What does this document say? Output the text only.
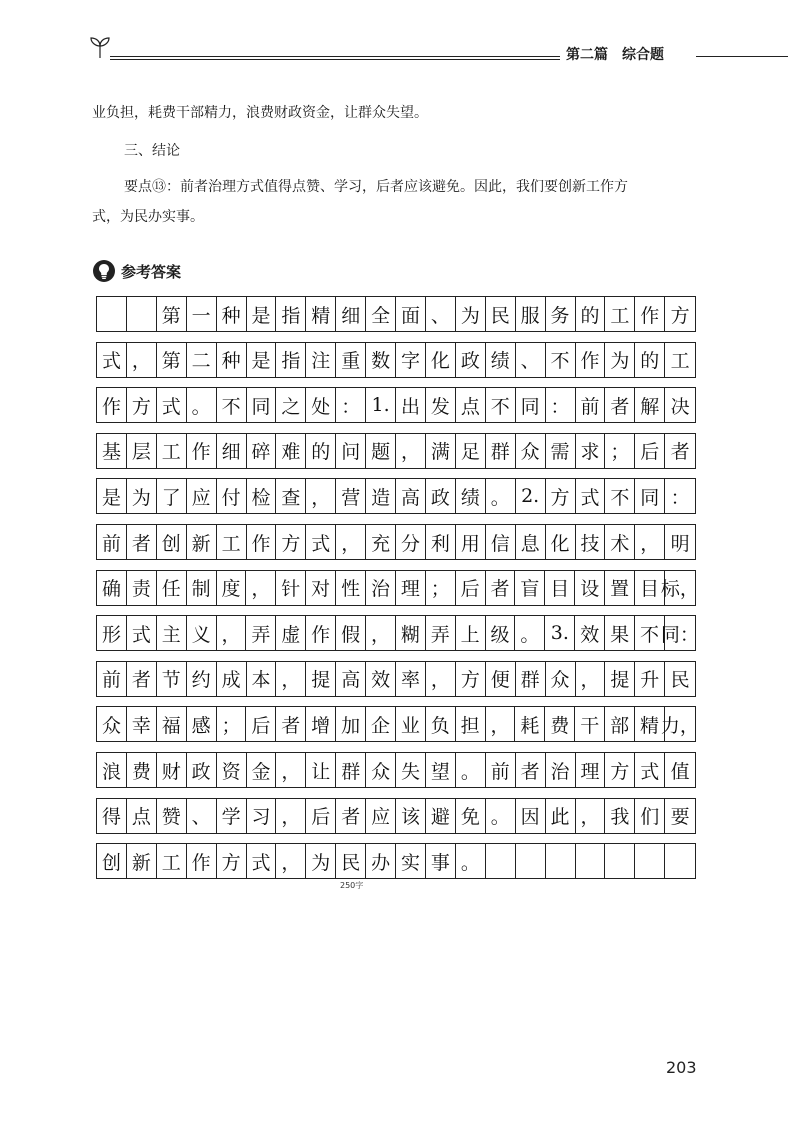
第二篇 综合题
业负担，耗费干部精力，浪费财政资金，让群众失望。
三、结论
要点⑬：前者治理方式值得点赞、学习，后者应该避免。因此，我们要创新工作方
式，为民办实事。
参考答案
第 一 种 是 指 精 细 全 面 、 为 民 服 务 的 工 作 方
式 ， 第 二 种 是 指 注 重 数 字 化 政 绩 、 不 作 为 的 工
作 方 式 。 不 同 之 处 ： 1. 出 发 点 不 同 ： 前 者 解 决
基 层 工 作 细 碎 难 的 问 题 ， 满 足 群 众 需 求 ； 后 者
是 为 了 应 付 检 查 ， 营 造 高 政 绩 。 2. 方 式 不 同 ：
前 者 创 新 工 作 方 式 ， 充 分 利 用 信 息 化 技 术 ， 明
确 责 任 制 度 ， 针 对 性 治 理 ； 后 者 盲 目 设 置 目 标，
形 式 主 义 ， 弄 虚 作 假 ， 糊 弄 上 级 。 3. 效 果 不 同：
前 者 节 约 成 本 ， 提 高 效 率 ， 方 便 群 众 ， 提 升 民
众 幸 福 感 ； 后 者 增 加 企 业 负 担 ， 耗 费 干 部 精 力，
浪 费 财 政 资 金 ， 让 群 众 失 望 。 前 者 治 理 方 式 值
得 点 赞 、 学 习 ， 后 者 应 该 避 免 。 因 此 ， 我 们 要
创 新 工 作 方 式 ， 为 民 办 实 事 。
250字
203
